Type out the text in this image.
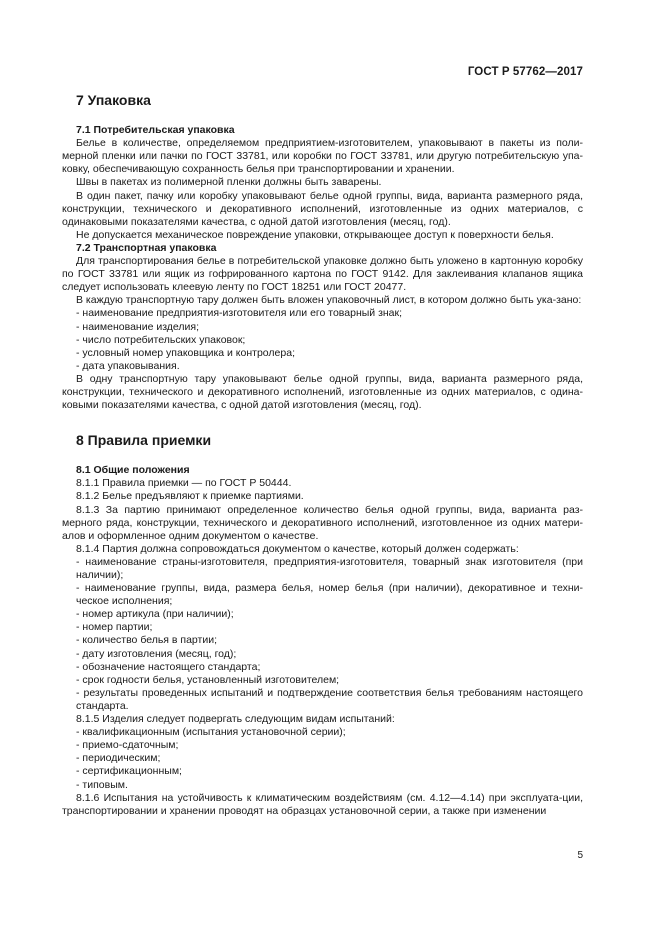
ГОСТ Р 57762—2017
7 Упаковка
7.1 Потребительская упаковка

Белье в количестве, определяемом предприятием-изготовителем, упаковывают в пакеты из поли-мерной пленки или пачки по ГОСТ 33781, или коробки по ГОСТ 33781, или другую потребительскую упа-ковку, обеспечивающую сохранность белья при транспортировании и хранении.

Швы в пакетах из полимерной пленки должны быть заварены.

В один пакет, пачку или коробку упаковывают белье одной группы, вида, варианта размерного ряда, конструкции, технического и декоративного исполнений, изготовленные из одних материалов, с одинаковыми показателями качества, с одной датой изготовления (месяц, год).

Не допускается механическое повреждение упаковки, открывающее доступ к поверхности белья.

7.2 Транспортная упаковка

Для транспортирования белье в потребительской упаковке должно быть уложено в картонную коробку по ГОСТ 33781 или ящик из гофрированного картона по ГОСТ 9142. Для заклеивания клапанов ящика следует использовать клеевую ленту по ГОСТ 18251 или ГОСТ 20477.

В каждую транспортную тару должен быть вложен упаковочный лист, в котором должно быть ука-зано:

- наименование предприятия-изготовителя или его товарный знак;

- наименование изделия;

- число потребительских упаковок;

- условный номер упаковщика и контролера;

- дата упаковывания.

В одну транспортную тару упаковывают белье одной группы, вида, варианта размерного ряда, конструкции, технического и декоративного исполнений, изготовленные из одних материалов, с одина-ковыми показателями качества, с одной датой изготовления (месяц, год).

8 Правила приемки
8.1 Общие положения

8.1.1 Правила приемки — по ГОСТ Р 50444.

8.1.2 Белье предъявляют к приемке партиями.

8.1.3 За партию принимают определенное количество белья одной группы, вида, варианта раз-мерного ряда, конструкции, технического и декоративного исполнений, изготовленное из одних матери-алов и оформленное одним документом о качестве.

8.1.4 Партия должна сопровождаться документом о качестве, который должен содержать:

- наименование страны-изготовителя, предприятия-изготовителя, товарный знак изготовителя (при наличии);

- наименование группы, вида, размера белья, номер белья (при наличии), декоративное и техни-ческое исполнения;

- номер артикула (при наличии);

- номер партии;

- количество белья в партии;

- дату изготовления (месяц, год);

- обозначение настоящего стандарта;

- срок годности белья, установленный изготовителем;

- результаты проведенных испытаний и подтверждение соответствия белья требованиям настоящего стандарта.

8.1.5 Изделия следует подвергать следующим видам испытаний:

- квалификационным (испытания установочной серии);

- приемо-сдаточным;

- периодическим;

- сертификационным;

- типовым.

8.1.6 Испытания на устойчивость к климатическим воздействиям (см. 4.12—4.14) при эксплуата-ции, транспортировании и хранении проводят на образцах установочной серии, а также при изменении

5
